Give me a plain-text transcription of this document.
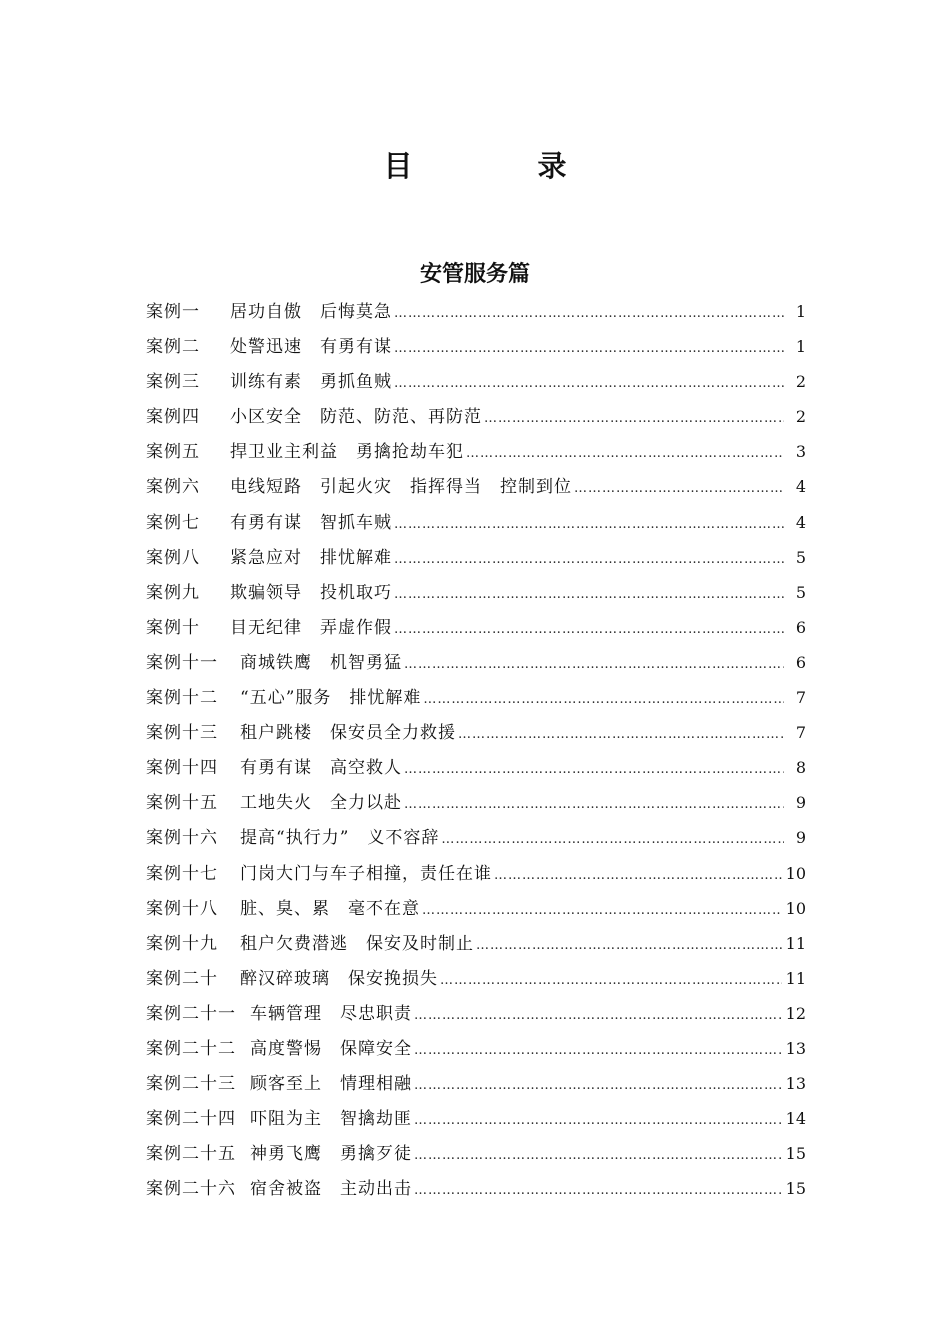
目　录
安管服务篇
案例一	居功自傲　后悔莫急 ……………………………………………………………………………………………………………………………	1
案例二	处警迅速　有勇有谋 ……………………………………………………………………………………………………………………………	1
案例三	训练有素　勇抓鱼贼 ……………………………………………………………………………………………………………………………	2
案例四	小区安全　防范、防范、再防范 ……………………………………………………………………………………………………………………………	2
案例五	捍卫业主利益　勇擒抢劫车犯 ……………………………………………………………………………………………………………………………	3
案例六	电线短路　引起火灾　指挥得当　控制到位 ……………………………………………………………………………………………………………………………	4
案例七	有勇有谋　智抓车贼 ……………………………………………………………………………………………………………………………	4
案例八	紧急应对　排忧解难 ……………………………………………………………………………………………………………………………	5
案例九	欺骗领导　投机取巧 ……………………………………………………………………………………………………………………………	5
案例十	目无纪律　弄虚作假 ……………………………………………………………………………………………………………………………	6
案例十一	商城铁鹰　机智勇猛 ……………………………………………………………………………………………………………………………	6
案例十二	“五心”服务　排忧解难 ……………………………………………………………………………………………………………………………	7
案例十三	租户跳楼　保安员全力救援 ……………………………………………………………………………………………………………………………	7
案例十四	有勇有谋　高空救人 ……………………………………………………………………………………………………………………………	8
案例十五	工地失火　全力以赴 ……………………………………………………………………………………………………………………………	9
案例十六	提高“执行力”　义不容辞 ……………………………………………………………………………………………………………………………	9
案例十七	门岗大门与车子相撞，责任在谁 ……………………………………………………………………………………………………………………………	10
案例十八	脏、臭、累　毫不在意 ……………………………………………………………………………………………………………………………	10
案例十九	租户欠费潜逃　保安及时制止 ……………………………………………………………………………………………………………………………	11
案例二十	醉汉碎玻璃　保安挽损失 ……………………………………………………………………………………………………………………………	11
案例二十一 车辆管理　尽忠职责 ……………………………………………………………………………………………………………………………	12
案例二十二 高度警惕　保障安全 ……………………………………………………………………………………………………………………………	13
案例二十三 顾客至上　情理相融 ……………………………………………………………………………………………………………………………	13
案例二十四 吓阻为主　智擒劫匪 ……………………………………………………………………………………………………………………………	14
案例二十五 神勇飞鹰　勇擒歹徒 ……………………………………………………………………………………………………………………………	15
案例二十六 宿舍被盗　主动出击 ……………………………………………………………………………………………………………………………	15
